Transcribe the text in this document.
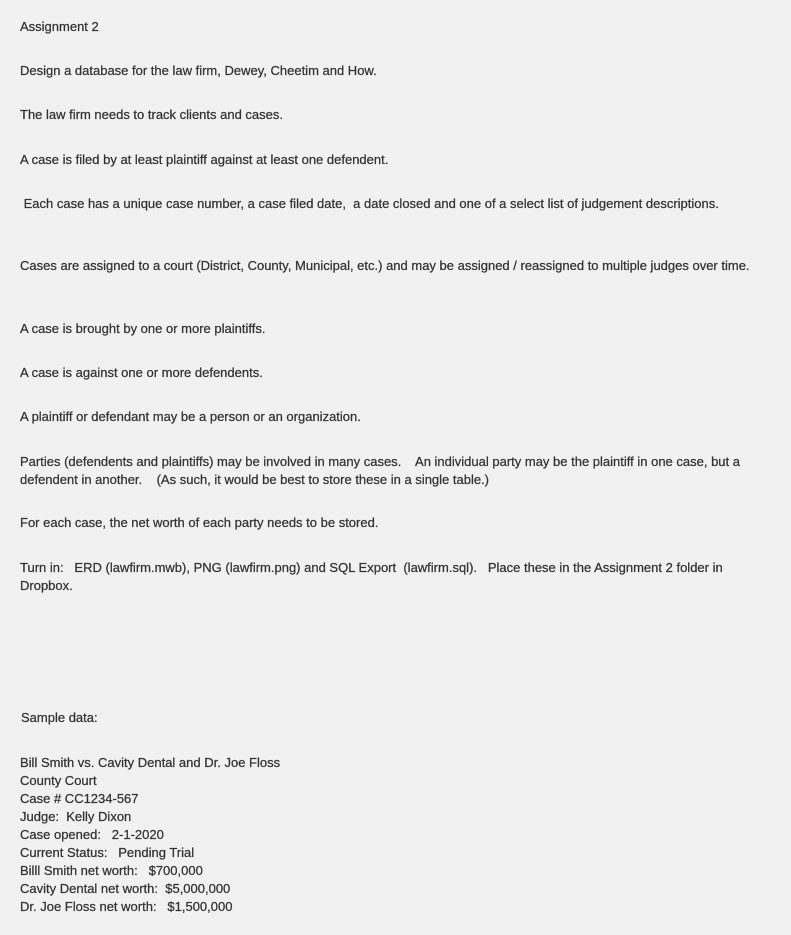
Assignment 2

Design a database for the law firm, Dewey, Cheetim and How.

The law firm needs to track clients and cases.

A case is filed by at least plaintiff against at least one defendent.

Each case has a unique case number, a case filed date,  a date closed and one of a select list of judgement descriptions.

Cases are assigned to a court (District, County, Municipal, etc.) and may be assigned / reassigned to multiple judges over time.

A case is brought by one or more plaintiffs.

A case is against one or more defendents.

A plaintiff or defendant may be a person or an organization.

Parties (defendents and plaintiffs) may be involved in many cases.    An individual party may be the plaintiff in one case, but a defendent in another.    (As such, it would be best to store these in a single table.)

For each case, the net worth of each party needs to be stored.

Turn in:   ERD (lawfirm.mwb), PNG (lawfirm.png) and SQL Export  (lawfirm.sql).   Place these in the Assignment 2 folder in Dropbox.

Sample data:

Bill Smith vs. Cavity Dental and Dr. Joe Floss
County Court
Case # CC1234-567
Judge:  Kelly Dixon
Case opened:   2-1-2020
Current Status:   Pending Trial
Billl Smith net worth:   $700,000
Cavity Dental net worth:  $5,000,000
Dr. Joe Floss net worth:   $1,500,000
